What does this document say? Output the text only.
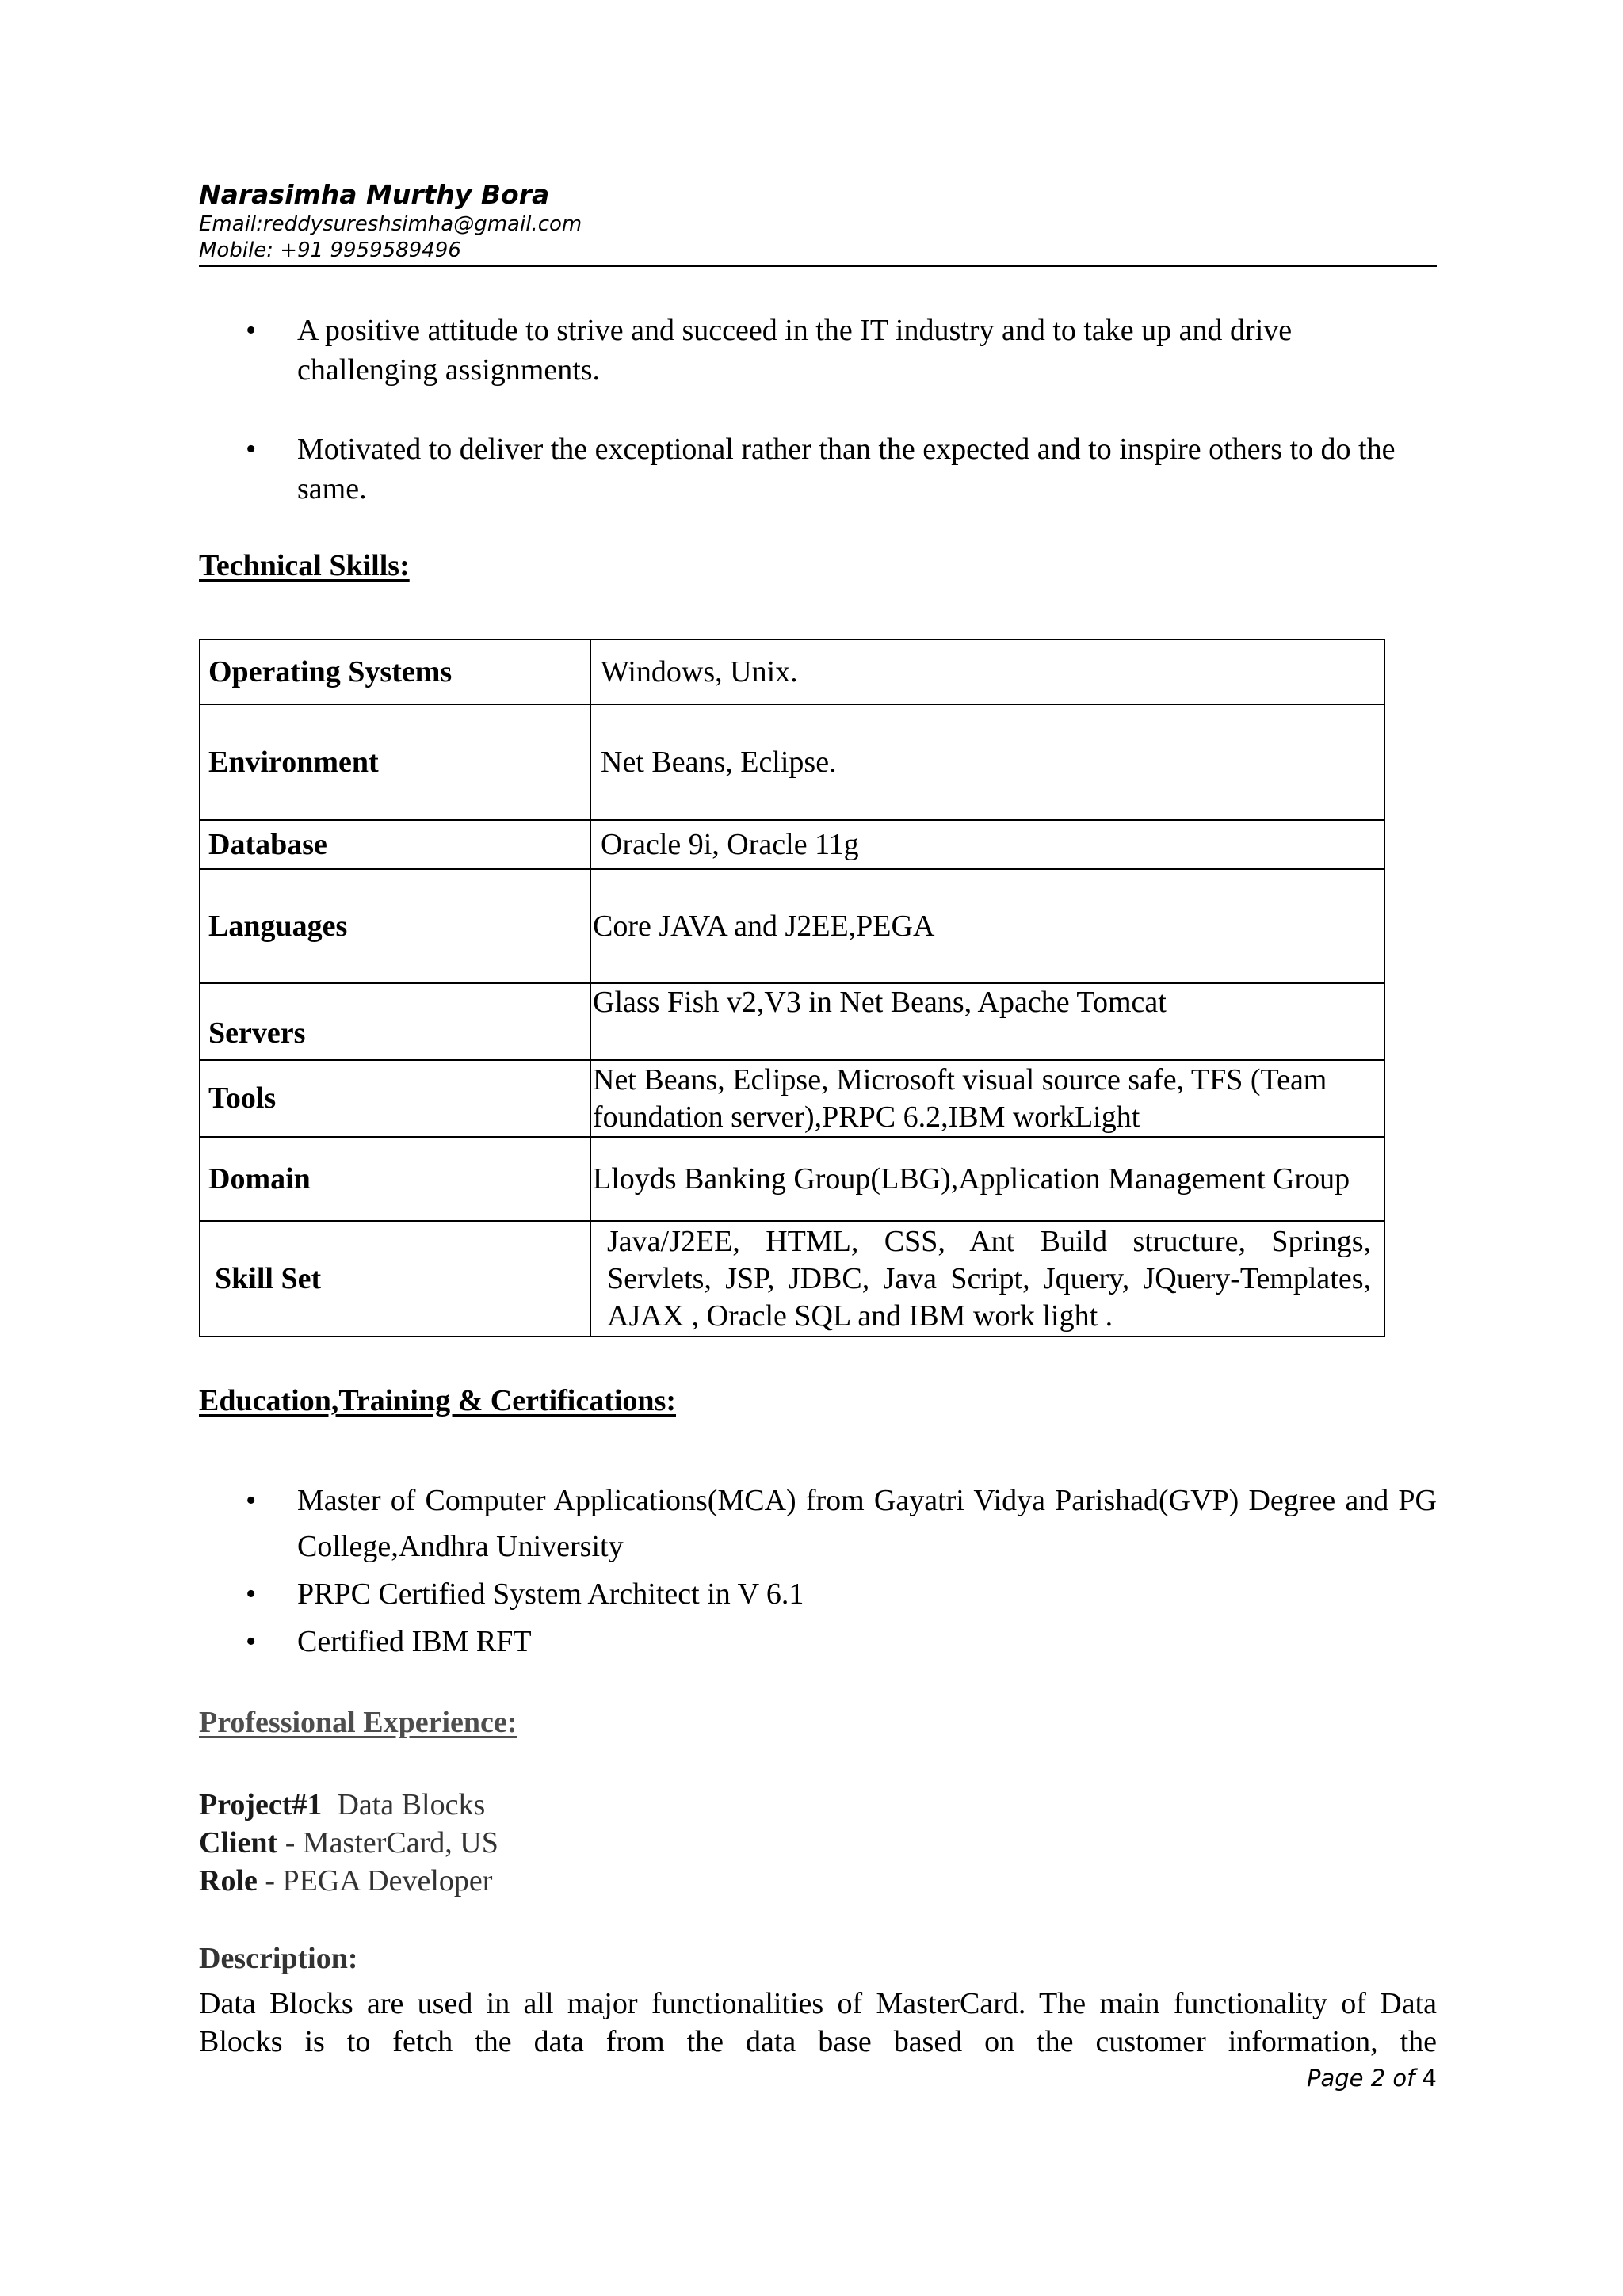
Narasimha Murthy Bora
Email:reddysureshsimha@gmail.com
Mobile: +91 9959589496
•	A positive attitude to strive and succeed in the IT industry and to take up and drive challenging assignments.
•	Motivated to deliver the exceptional rather than the expected and to inspire others to do the same.
Technical Skills:
Operating Systems	Windows, Unix.

Environment	Net Beans, Eclipse.

Database	Oracle 9i, Oracle 11g

Languages	Core JAVA and J2EE,PEGA

Servers	Glass Fish v2,V3 in Net Beans, Apache Tomcat

Tools	Net Beans, Eclipse, Microsoft visual source safe, TFS (Team foundation server),PRPC 6.2,IBM workLight

Domain	Lloyds Banking Group(LBG),Application Management Group

Skill Set	Java/J2EE, HTML, CSS, Ant Build structure, Springs, Servlets, JSP, JDBC, Java Script, Jquery, JQuery-Templates, AJAX , Oracle SQL and IBM work light .
Education,Training & Certifications:
•	Master of Computer Applications(MCA) from Gayatri Vidya Parishad(GVP) Degree and PG College,Andhra University
•	PRPC Certified System Architect in V 6.1
•	Certified IBM RFT
Professional Experience:
Project#1 Data Blocks
Client - MasterCard, US
Role - PEGA Developer
Description:
Data Blocks are used in all major functionalities of MasterCard. The main functionality of Data Blocks is to fetch the data from the data base based on the customer information, the
Page 2 of 4
